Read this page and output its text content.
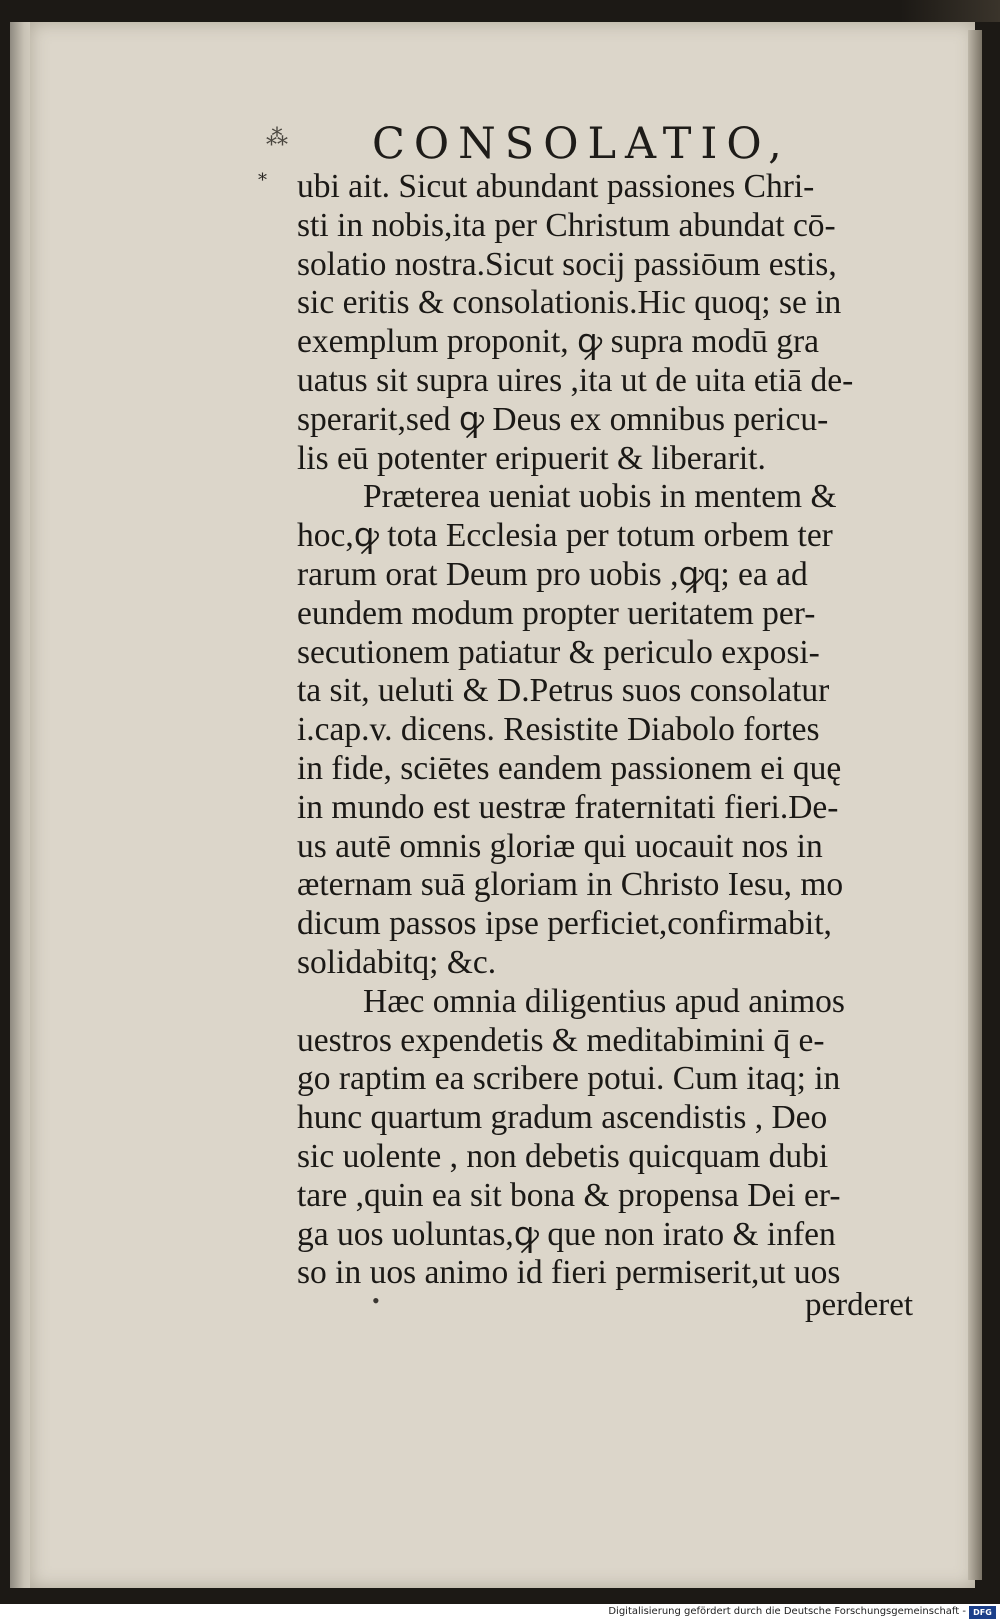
⁂ CONSOLATIO,
* ubi ait. Sicut abundant passiones Chri-
sti in nobis,ita per Christum abundat cō-
solatio nostra.Sicut socij passiōum estis,
sic eritis & consolationis.Hic quoq; se in
exemplum proponit, ꝙ supra modū gra
uatus sit supra uires ,ita ut de uita etiā de-
sperarit,sed ꝙ Deus ex omnibus pericu-
lis eū potenter eripuerit & liberarit.
Præterea ueniat uobis in mentem &
hoc,ꝙ tota Ecclesia per totum orbem ter
rarum orat Deum pro uobis ,ꝙq; ea ad
eundem modum propter ueritatem per-
secutionem patiatur & periculo exposi-
ta sit, ueluti & D.Petrus suos consolatur
i.cap.v. dicens. Resistite Diabolo fortes
in fide, sciētes eandem passionem ei quę
in mundo est uestræ fraternitati fieri.De-
us autē omnis gloriæ qui uocauit nos in
æternam suā gloriam in Christo Iesu, mo
dicum passos ipse perficiet,confirmabit,
solidabitq; &c.
Hæc omnia diligentius apud animos
uestros expendetis & meditabimini q̄ e-
go raptim ea scribere potui. Cum itaq; in
hunc quartum gradum ascendistis , Deo
sic uolente , non debetis quicquam dubi
tare ,quin ea sit bona & propensa Dei er-
ga uos uoluntas,ꝙ que non irato & infen
so in uos animo id fieri permiserit,ut uos
•	perderet
Digitalisierung gefördert durch die Deutsche Forschungsgemeinschaft - DFG
